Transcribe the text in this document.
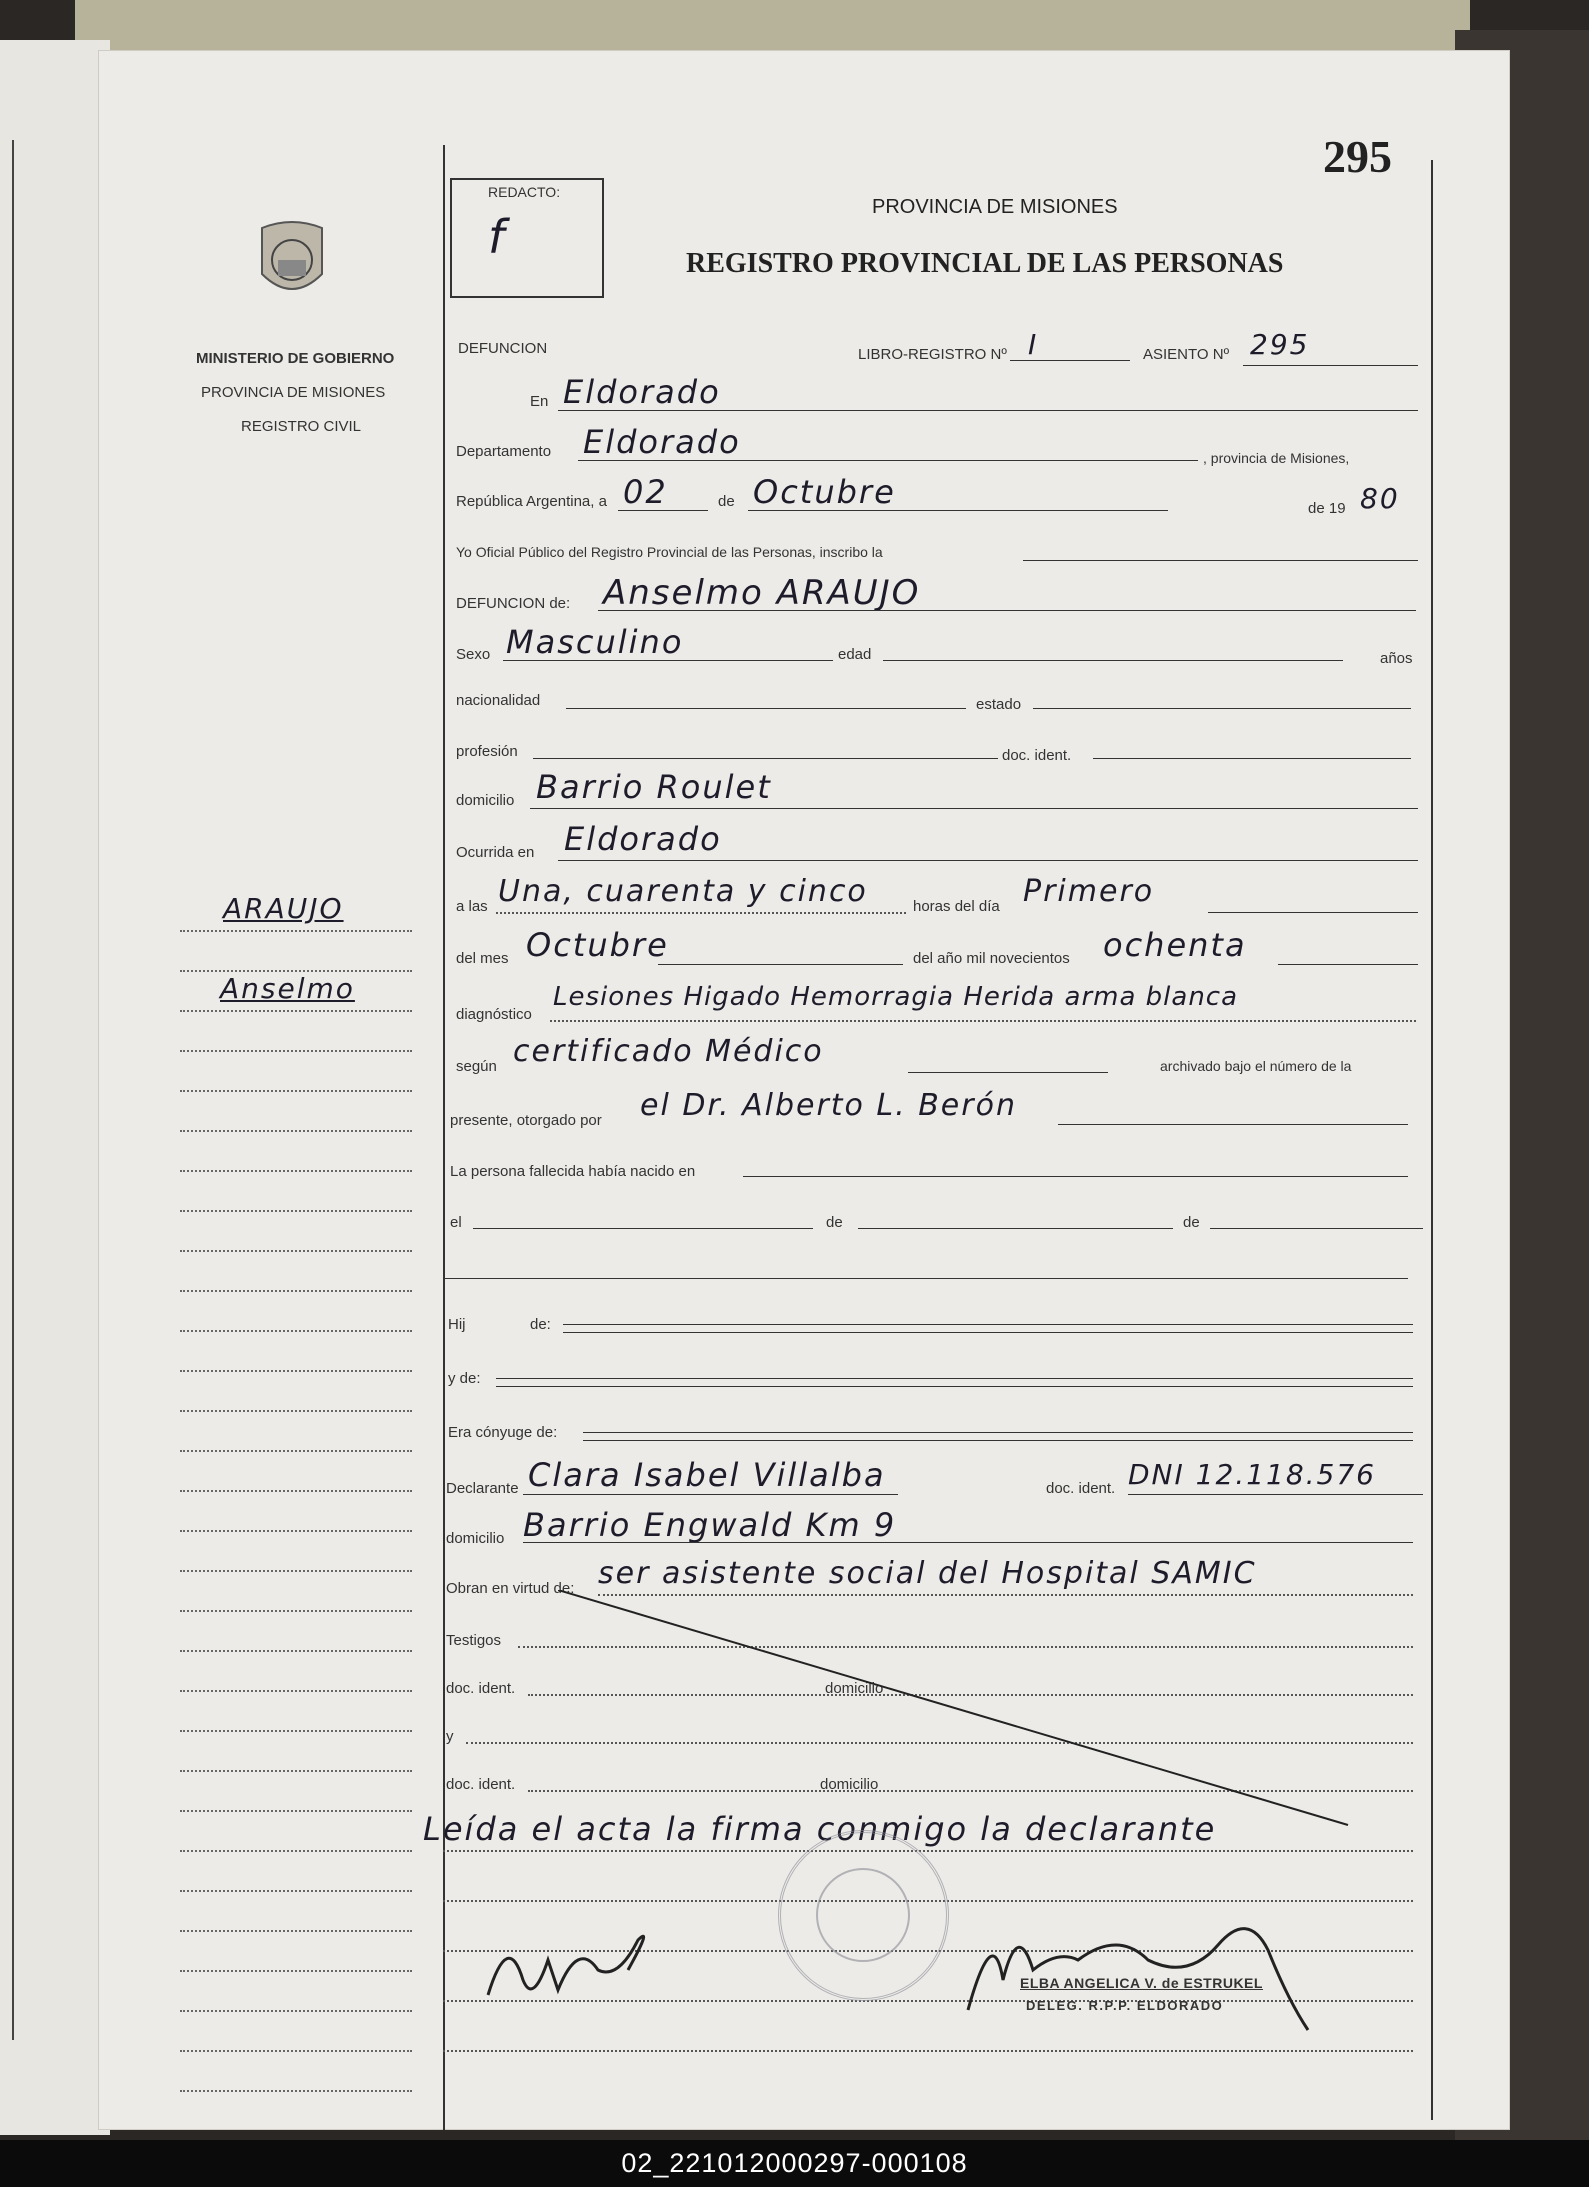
295
MINISTERIO DE GOBIERNO
PROVINCIA DE MISIONES
REGISTRO CIVIL
ARAUJO
Anselmo
REDACTO:
f
PROVINCIA DE MISIONES
REGISTRO PROVINCIAL DE LAS PERSONAS
DEFUNCION	LIBRO-REGISTRO Nº I	ASIENTO Nº 295
En Eldorado
Departamento Eldorado	, provincia de Misiones,
República Argentina, a 02	de Octubre	de 19 80
Yo Oficial Público del Registro Provincial de las Personas, inscribo la
DEFUNCION de: Anselmo ARAUJO
Sexo Masculino	edad	años
nacionalidad	estado
profesión	doc. ident.
domicilio Barrio Roulet
Ocurrida en Eldorado
a las Una, cuarenta y cinco	horas del día Primero
del mes Octubre	del año mil novecientos ochenta
diagnóstico
Lesiones Higado Hemorragia Herida arma blanca
según certificado Médico	archivado bajo el número de la
presente, otorgado por el Dr. Alberto L. Berón
La persona fallecida había nacido en
el	de	de
Hij	de:
y de:
Era cónyuge de:
Declarante Clara Isabel Villalba	doc. ident. DNI 12.118.576
domicilio Barrio Engwald Km 9
Obran en virtud de: ser asistente social del Hospital SAMIC
Testigos
doc. ident.	domicilio
y
doc. ident.	domicilio
Leída el acta la firma conmigo la declarante
ELBA ANGELICA V. de ESTRUKEL
DELEG. R.P.P. ELDORADO
02_221012000297-000108
